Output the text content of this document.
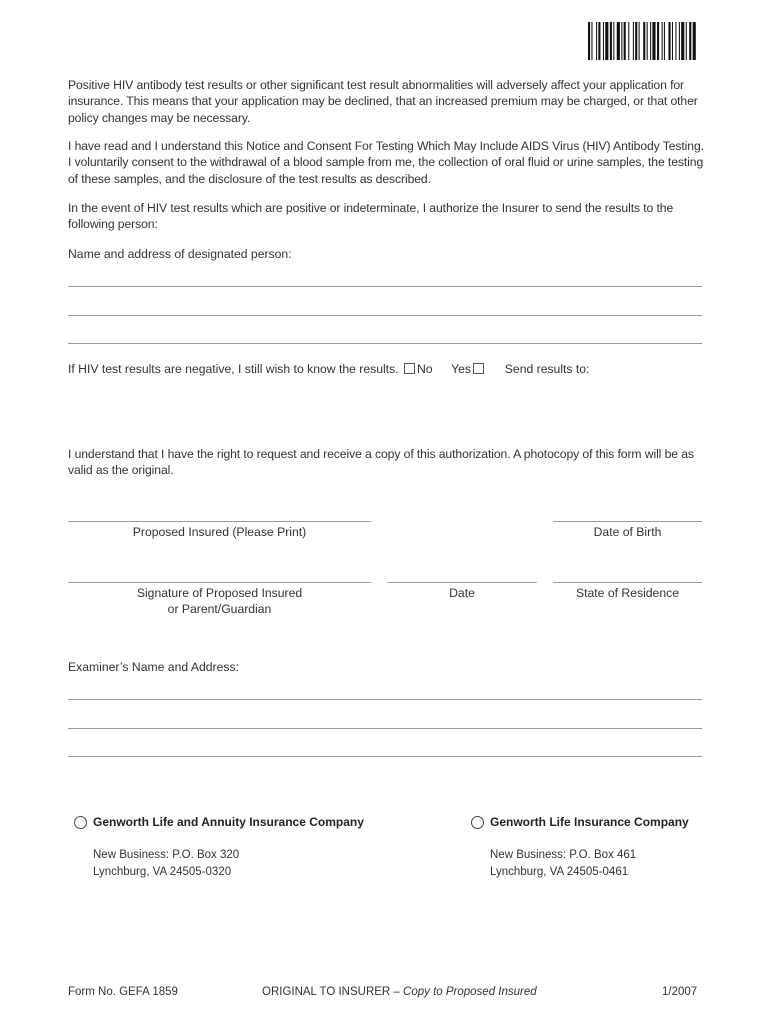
Positive HIV antibody test results or other significant test result abnormalities will adversely affect your application for insurance. This means that your application may be declined, that an increased premium may be charged, or that other policy changes may be necessary.

I have read and I understand this Notice and Consent For Testing Which May Include AIDS Virus (HIV) Antibody Testing. I voluntarily consent to the withdrawal of a blood sample from me, the collection of oral fluid or urine samples, the testing of these samples, and the disclosure of the test results as described.

In the event of HIV test results which are positive or indeterminate, I authorize the Insurer to send the results to the following person:

Name and address of designated person:
If HIV test results are negative, I still wish to know the results. No Yes	Send results to:

I understand that I have the right to request and receive a copy of this authorization. A photocopy of this form will be as valid as the original.

Proposed Insured (Please Print)	Date of Birth
Signature of Proposed Insured
or Parent/Guardian
Date	State of Residence
Examiner’s Name and Address:
Genworth Life and Annuity Insurance Company
New Business: P.O. Box 320
Lynchburg, VA 24505-0320
Genworth Life Insurance Company
New Business: P.O. Box 461
Lynchburg, VA 24505-0461
Form No. GEFA 1859	ORIGINAL TO INSURER – Copy to Proposed Insured	1/2007
